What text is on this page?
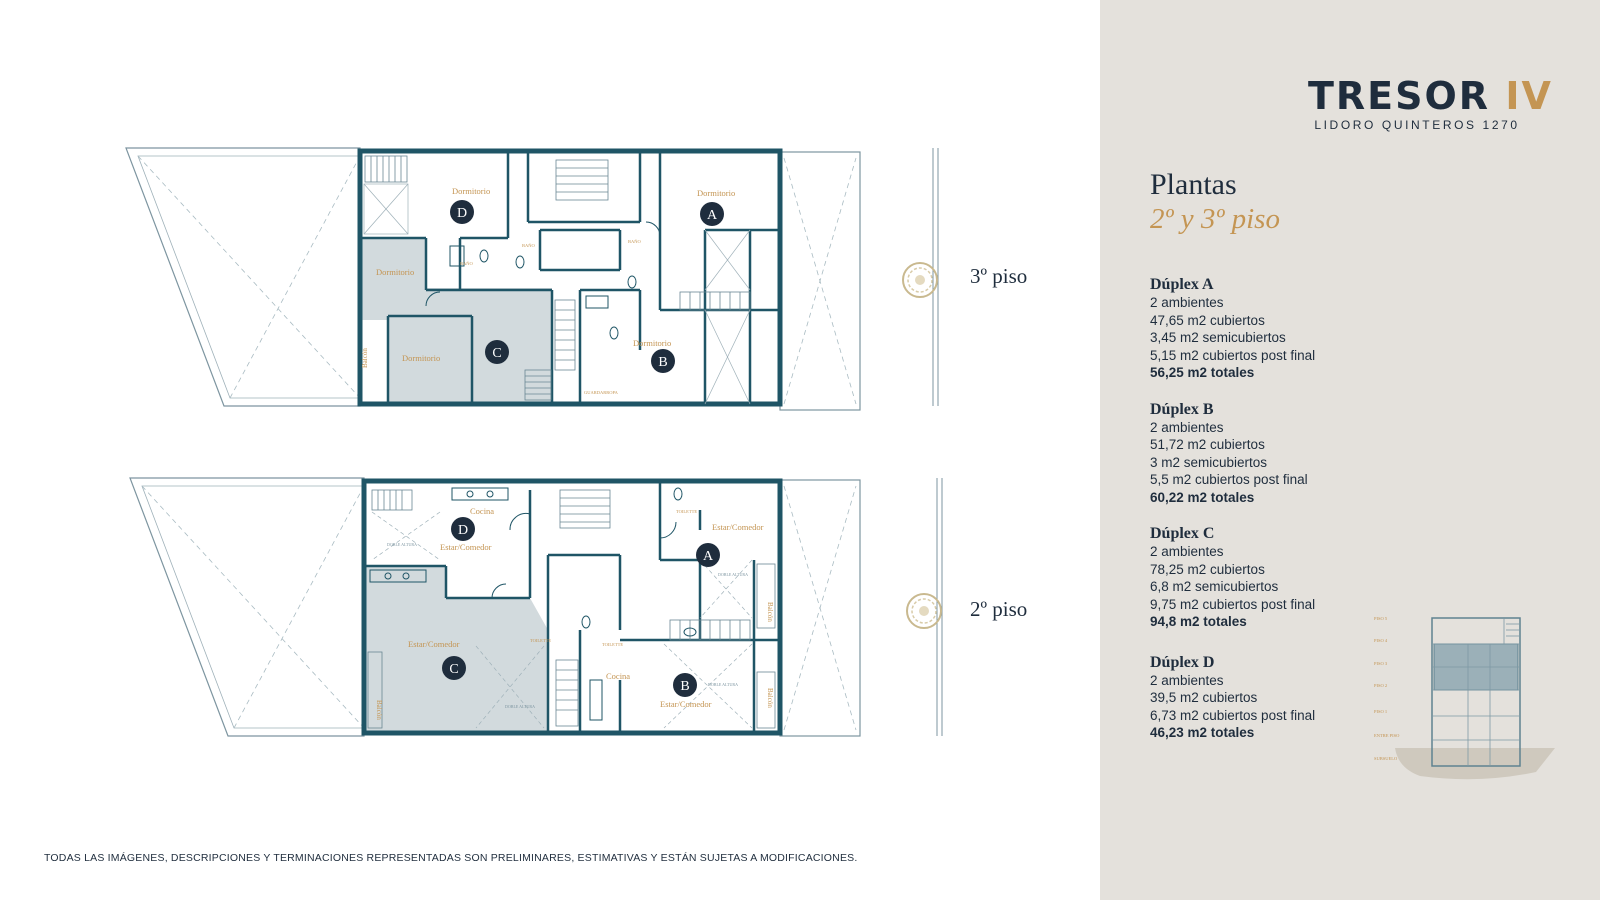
TRESOR IV
LIDORO QUINTEROS 1270
Plantas
2º y 3º piso
Dúplex A
2 ambientes
47,65 m2 cubiertos
3,45 m2 semicubiertos
5,15 m2 cubiertos post final
56,25 m2 totales
Dúplex B
2 ambientes
51,72 m2 cubiertos
3 m2 semicubiertos
5,5 m2 cubiertos post final
60,22 m2 totales
Dúplex C
2 ambientes
78,25 m2 cubiertos
6,8 m2 semicubiertos
9,75 m2 cubiertos post final
94,8 m2 totales
Dúplex D
2 ambientes
39,5 m2 cubiertos
6,73 m2 cubiertos post final
46,23 m2 totales
3º piso
2º piso
TODAS LAS IMÁGENES, DESCRIPCIONES Y TERMINACIONES REPRESENTADAS SON PRELIMINARES, ESTIMATIVAS Y ESTÁN SUJETAS A MODIFICACIONES.
Dormitorio	Dormitorio
Dormitorio
Dormitorio
Dormitorio
BAÑO
BAÑO
BAÑO
GUARDARROPA
Balcón
D	A
C
B
Cocina
Estar/Comedor
Estar/Comedor
Estar/Comedor
Cocina
Estar/Comedor
TOILETTE
TOILETTE
TOILETTE
DOBLE ALTURA
DOBLE ALTURA
DOBLE ALTURA
DOBLE ALTURA
Balcón
Balcón
Balcón
D
A
C
B
PISO 5
PISO 4
PISO 3
PISO 2
PISO 1
ENTRE PISO
SUBSUELO
